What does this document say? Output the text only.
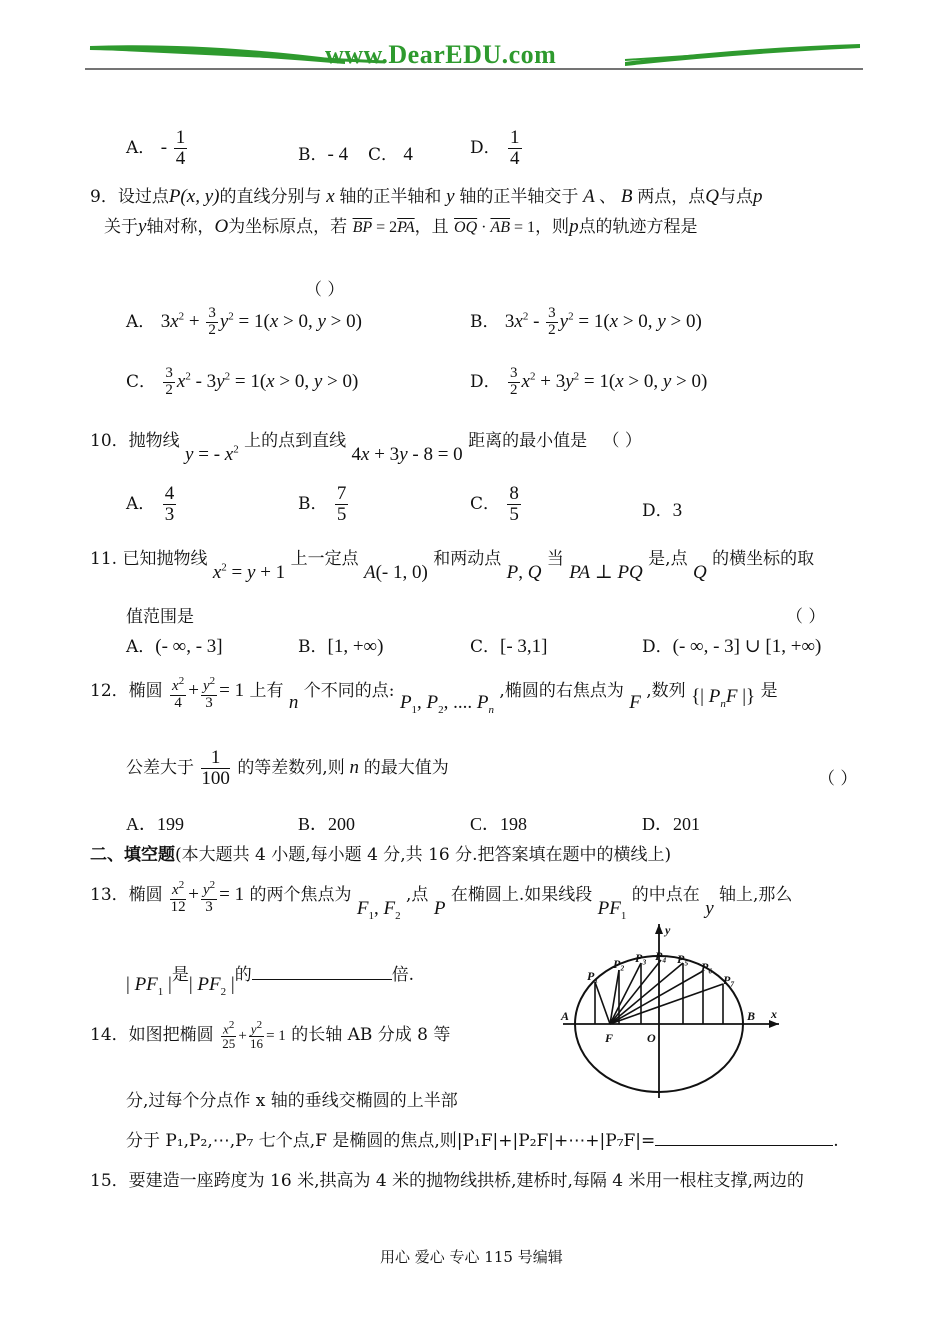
www.DearEDU.com
A． - $\frac{1}{4}$	B．- 4 C． 4	D． $\frac{1}{4}$
9．设过点P(x, y)的直线分别与 x 轴的正半轴和 y 轴的正半轴交于 A 、 B 两点，点Q与点p
关于y轴对称，O为坐标原点，若 $\overline{BP} = 2\overline{PA}$，且 $\overline{OQ} \cdot \overline{AB} = 1$，则p点的轨迹方程是
（ ）
A． $3x^2 + \frac{3}{2} y^2 = 1(x > 0$, y > 0)	B． $3x^2 - \frac{3}{2} y^2 = 1(x > 0$, y > 0)
C． $\frac{3}{2} x^2 - 3y^2 = 1(x > 0$, y > 0)	D． $\frac{3}{2} x^2 + 3y^2 = 1(x > 0$, y > 0)
10．抛物线 y = - $x^2$ 上的点到直线 4x + 3y - 8 = 0 距离的最小值是 （ ）
A． $\frac{4}{3}$	B． $\frac{7}{5}$	C． $\frac{8}{5}$	D．3
11. 已知抛物线 $x^2 = y + 1$ 上一定点 A(- 1, 0) 和两动点 P, Q 当 PA ⊥ PQ 是,点 Q 的横坐标的取
值范围是	（ ）
A．(- ∞, - 3]	B．[1, +∞)	C．[- 3,1]	D．(- ∞, - 3] ∪ [1, +∞)
12．椭圆 $\frac{x^2}{4} + \frac{y^2}{3} = 1$ 上有 n 个不同的点: $P_1$, $P_2$, .... $P_n$ ,椭圆的右焦点为 F ,数列 {| $P_nF$ |} 是
公差大于 $\frac{1}{100}$ 的等差数列,则 n 的最大值为
（ ）
A．199	B．200	C．198	D．201
二、填空题(本大题共 4 小题,每小题 4 分,共 16 分.把答案填在题中的横线上)
13．椭圆 $\frac{x^2}{12} + \frac{y^2}{3} = 1$ 的两个焦点为 $F_1$, $F_2$ ,点 P 在椭圆上.如果线段 $PF_1$ 的中点在 y 轴上,那么
| $PF_1$ |是| $PF_2$ |的	倍.
y
P₁
P₂ P₃ P₄ P₅
P₆
P₇
A
F	O
B x
14．如图把椭圆 $\frac{x^2}{25} + \frac{y^2}{16} = 1$ 的长轴 AB 分成 8 等
分,过每个分点作 x 轴的垂线交椭圆的上半部
分于 P₁,P₂,⋯,P₇ 七个点,F 是椭圆的焦点,则|P₁F|+|P₂F|+⋯+|P₇F|=	.
15．要建造一座跨度为 16 米,拱高为 4 米的抛物线拱桥,建桥时,每隔 4 米用一根柱支撑,两边的
用心 爱心 专心 115 号编辑
